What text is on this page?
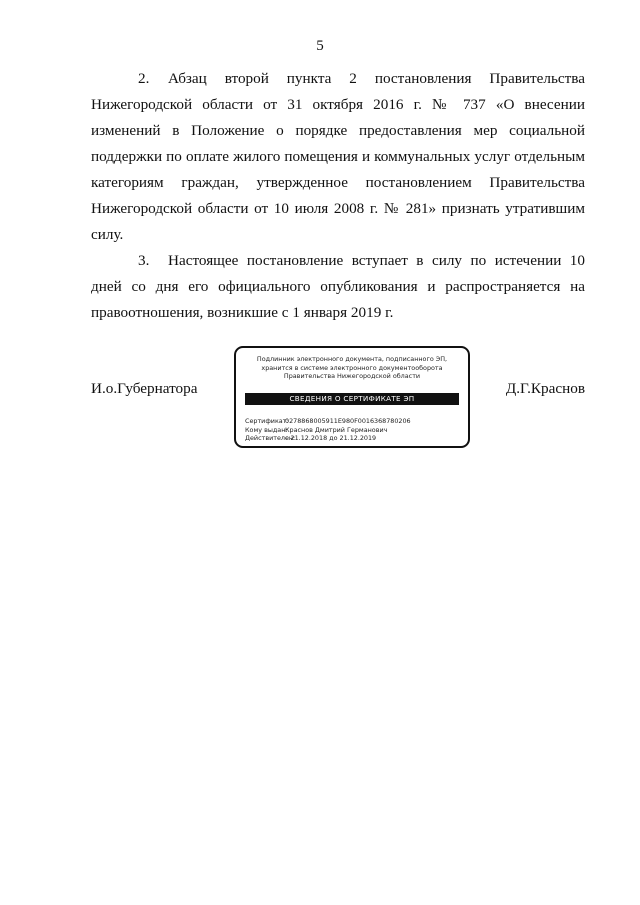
5

2. Абзац второй пункта 2 постановления Правительства Нижегородской области от 31 октября 2016 г. № 737 «О внесении изменений в Положение о порядке предоставления мер социальной поддержки по оплате жилого помещения и коммунальных услуг отдельным категориям граждан, утвержденное постановлением Правительства Нижегородской области от 10 июля 2008 г. № 281» признать утратившим силу.

3. Настоящее постановление вступает в силу по истечении 10 дней со дня его официального опубликования и распространяется на правоотношения, возникшие с 1 января 2019 г.

И.о.Губернатора	Д.Г.Краснов
Подлинник электронного документа, подписанного ЭП,
хранится в системе электронного документооборота
Правительства Нижегородской области
СВЕДЕНИЯ О СЕРТИФИКАТЕ ЭП
Сертификат:0278868005911E980F0016368780206
Кому выдан:Краснов Дмитрий Германович
Действителен:с 21.12.2018 до 21.12.2019
